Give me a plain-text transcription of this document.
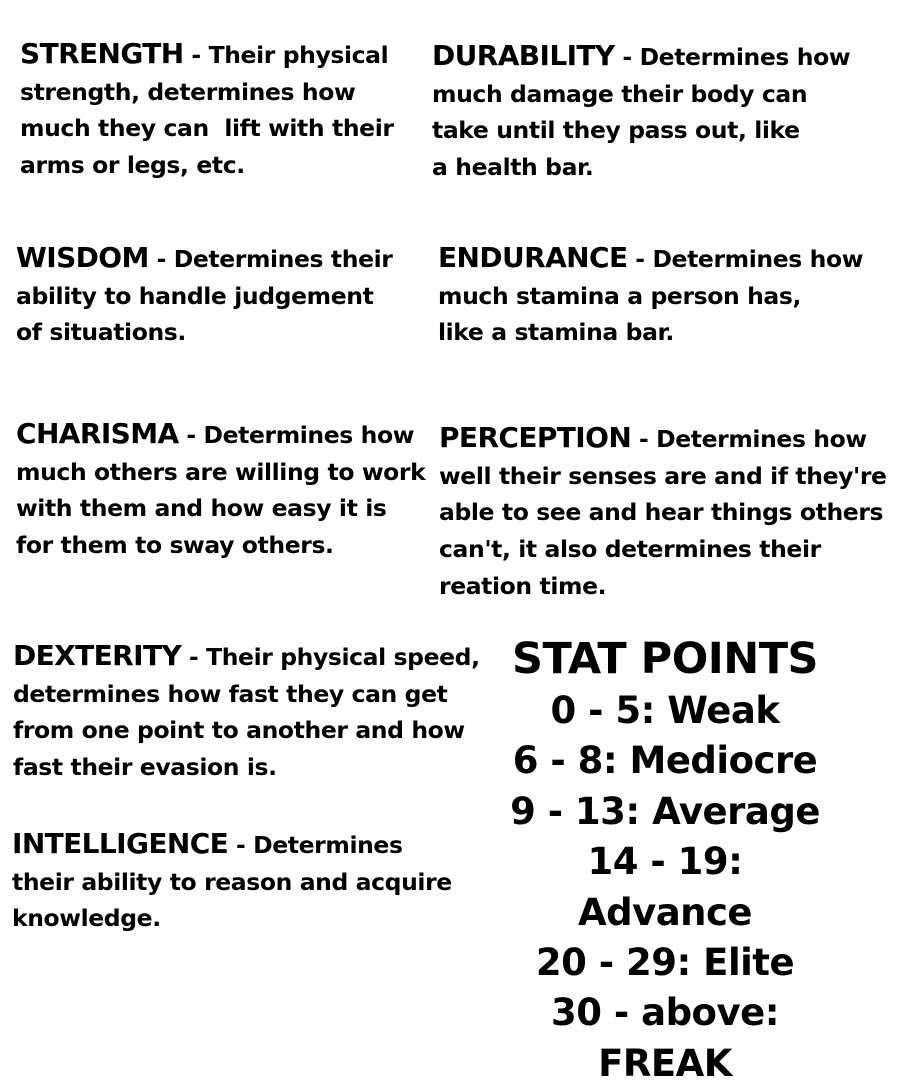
STRENGTH - Their physical
strength, determines how
much they can  lift with their
arms or legs, etc.
DURABILITY - Determines how
much damage their body can
take until they pass out, like
a health bar.
WISDOM - Determines their
ability to handle judgement
of situations.
ENDURANCE - Determines how
much stamina a person has,
like a stamina bar.
CHARISMA - Determines how
much others are willing to work
with them and how easy it is
for them to sway others.
PERCEPTION - Determines how
well their senses are and if they're
able to see and hear things others
can't, it also determines their
reation time.
DEXTERITY - Their physical speed,
determines how fast they can get
from one point to another and how
fast their evasion is.
INTELLIGENCE - Determines
their ability to reason and acquire
knowledge.
STAT POINTS
0 - 5: Weak
6 - 8: Mediocre
9 - 13: Average
14 - 19: Advance
20 - 29: Elite
30 - above: FREAK
